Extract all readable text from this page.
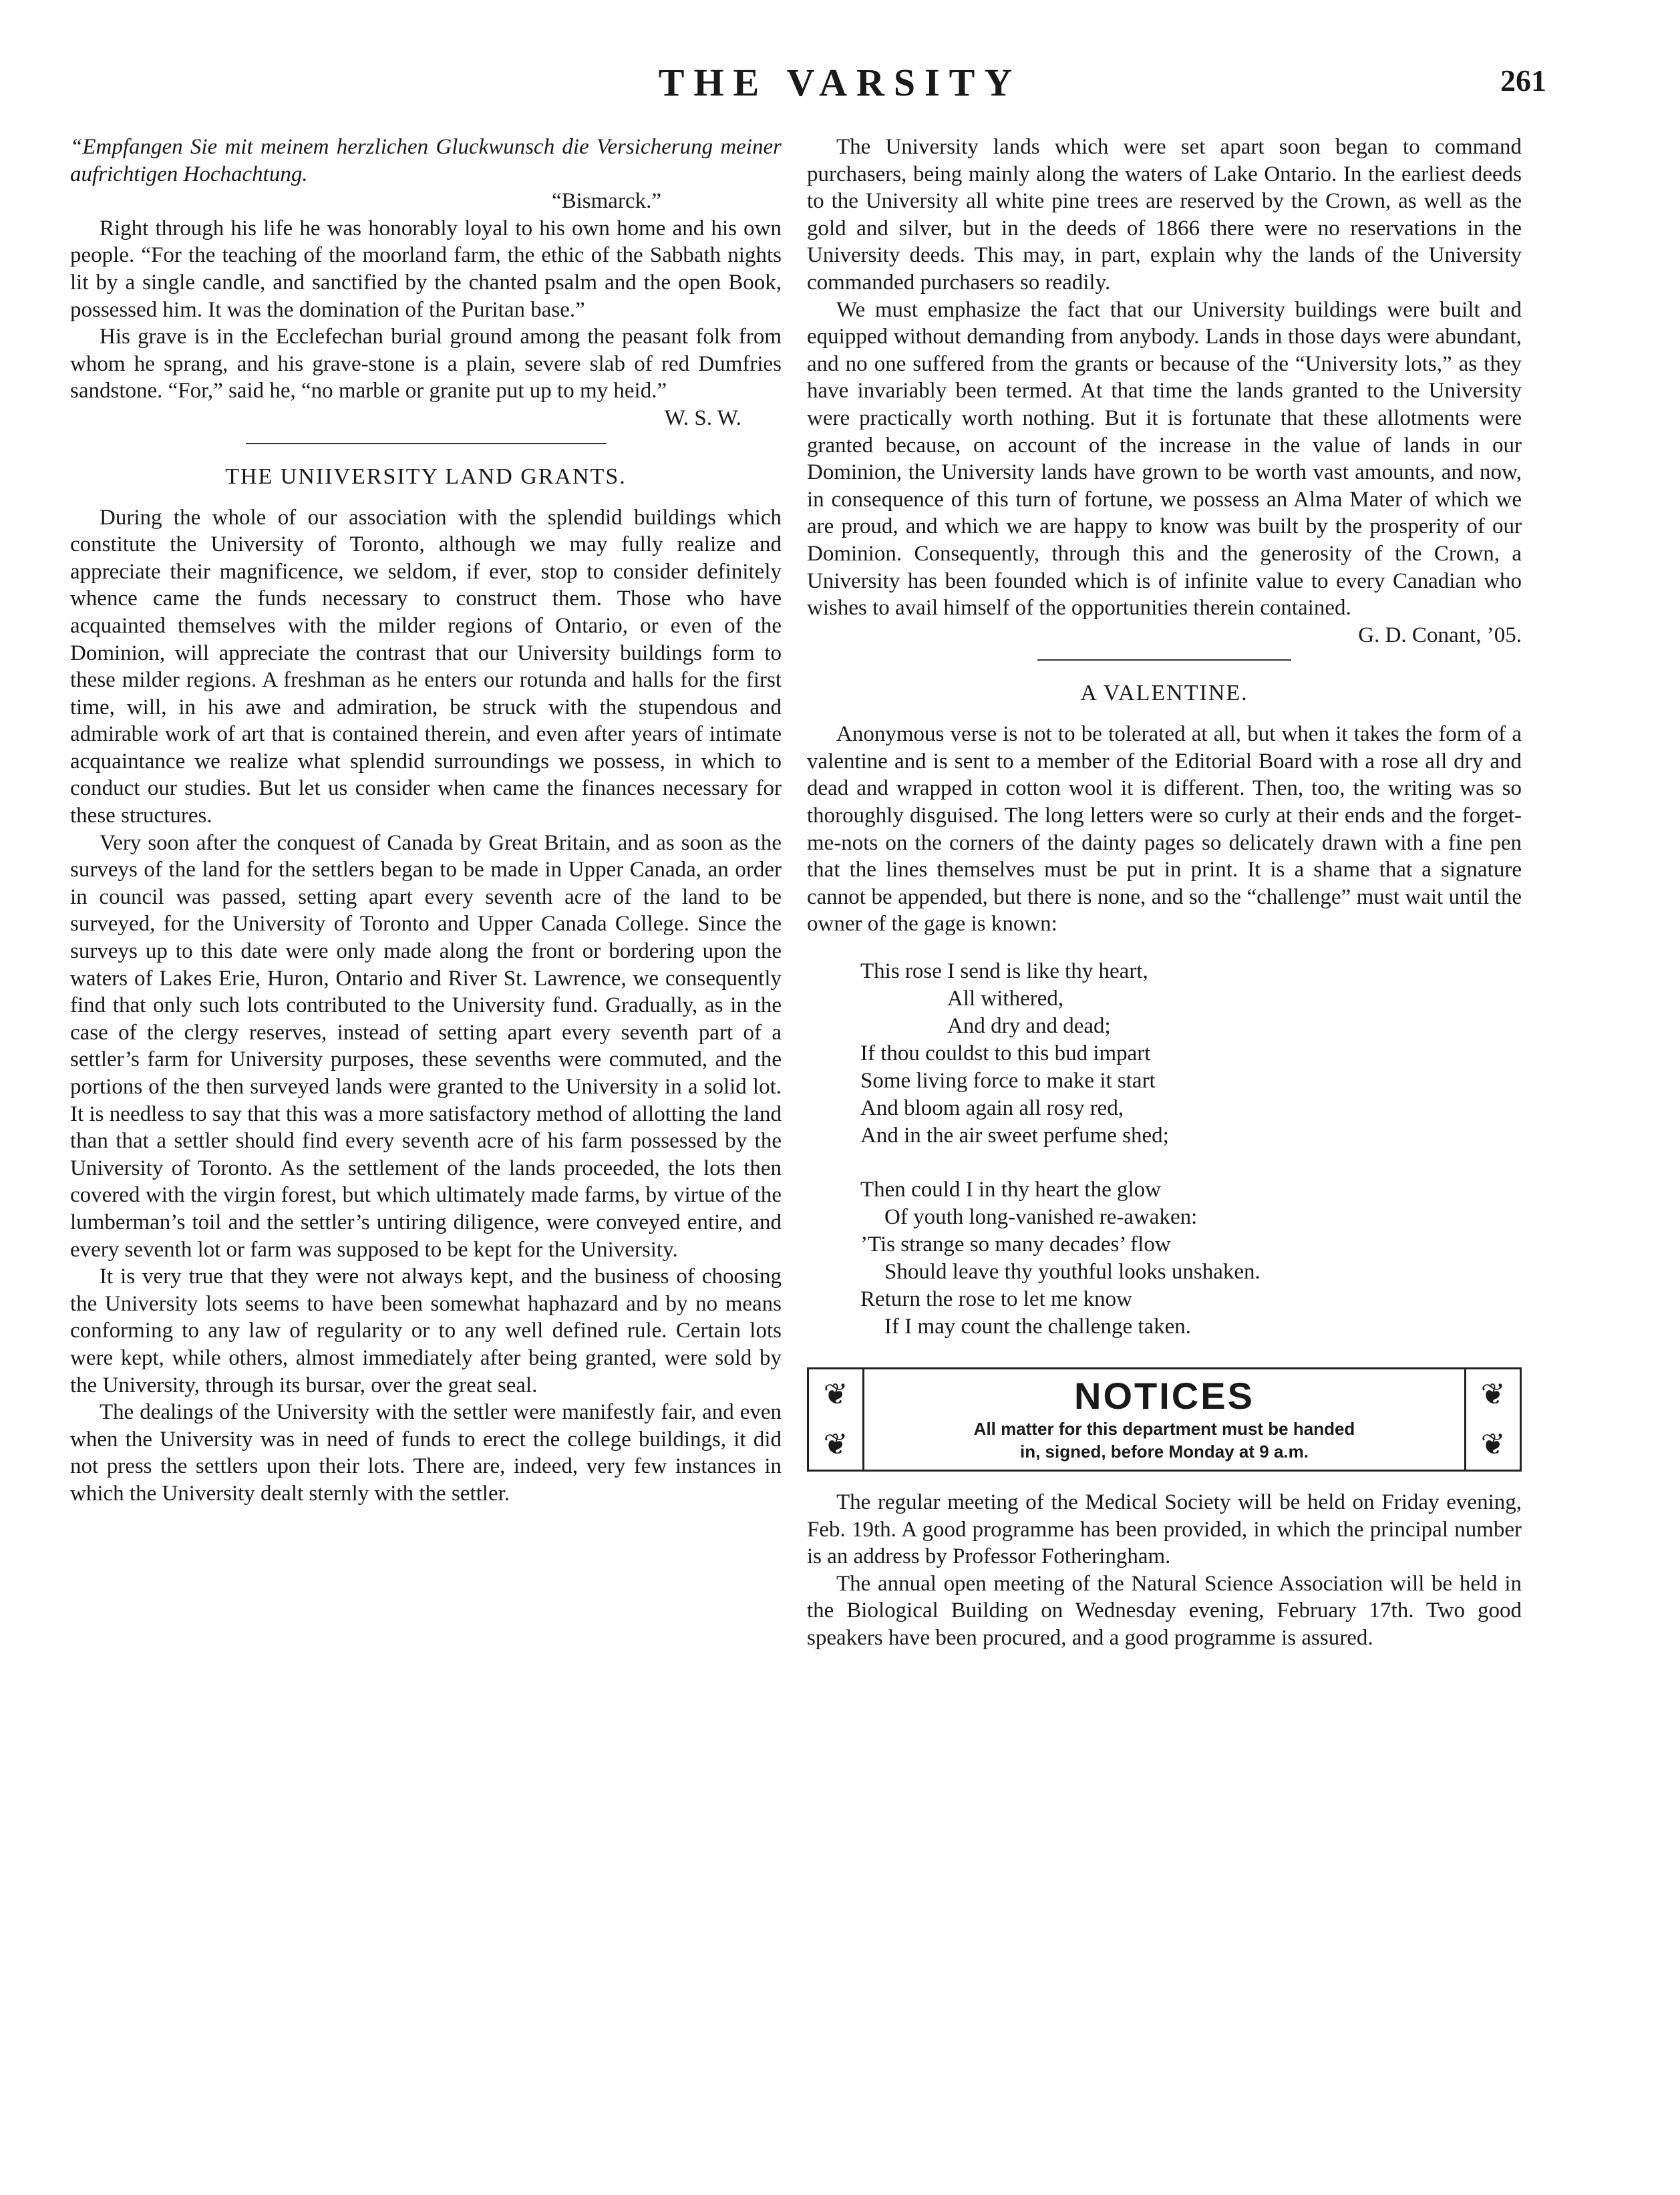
THE VARSITY	261

“Empfangen Sie mit meinem herzlichen Gluckwunsch die Versicherung meiner aufrichtigen Hochachtung.

“Bismarck.”

Right through his life he was honorably loyal to his own home and his own people. “For the teaching of the moorland farm, the ethic of the Sabbath nights lit by a single candle, and sanctified by the chanted psalm and the open Book, possessed him. It was the domination of the Puritan base.”

His grave is in the Ecclefechan burial ground among the peasant folk from whom he sprang, and his grave-stone is a plain, severe slab of red Dumfries sandstone. “For,” said he, “no marble or granite put up to my heid.”

W. S. W.
THE UNIIVERSITY LAND GRANTS.

During the whole of our association with the splendid buildings which constitute the University of Toronto, although we may fully realize and appreciate their magnificence, we seldom, if ever, stop to consider definitely whence came the funds necessary to construct them. Those who have acquainted themselves with the milder regions of Ontario, or even of the Dominion, will appreciate the contrast that our University buildings form to these milder regions. A freshman as he enters our rotunda and halls for the first time, will, in his awe and admiration, be struck with the stupendous and admirable work of art that is contained therein, and even after years of intimate acquaintance we realize what splendid surroundings we possess, in which to conduct our studies. But let us consider when came the finances necessary for these structures.

Very soon after the conquest of Canada by Great Britain, and as soon as the surveys of the land for the settlers began to be made in Upper Canada, an order in council was passed, setting apart every seventh acre of the land to be surveyed, for the University of Toronto and Upper Canada College. Since the surveys up to this date were only made along the front or bordering upon the waters of Lakes Erie, Huron, Ontario and River St. Lawrence, we consequently find that only such lots contributed to the University fund. Gradually, as in the case of the clergy reserves, instead of setting apart every seventh part of a settler’s farm for University purposes, these sevenths were commuted, and the portions of the then surveyed lands were granted to the University in a solid lot. It is needless to say that this was a more satisfactory method of allotting the land than that a settler should find every seventh acre of his farm possessed by the University of Toronto. As the settlement of the lands proceeded, the lots then covered with the virgin forest, but which ultimately made farms, by virtue of the lumberman’s toil and the settler’s untiring diligence, were conveyed entire, and every seventh lot or farm was supposed to be kept for the University.

It is very true that they were not always kept, and the business of choosing the University lots seems to have been somewhat haphazard and by no means conforming to any law of regularity or to any well defined rule. Certain lots were kept, while others, almost immediately after being granted, were sold by the University, through its bursar, over the great seal.

The dealings of the University with the settler were manifestly fair, and even when the University was in need of funds to erect the college buildings, it did not press the settlers upon their lots. There are, indeed, very few instances in which the University dealt sternly with the settler.

The University lands which were set apart soon began to command purchasers, being mainly along the waters of Lake Ontario. In the earliest deeds to the University all white pine trees are reserved by the Crown, as well as the gold and silver, but in the deeds of 1866 there were no reservations in the University deeds. This may, in part, explain why the lands of the University commanded purchasers so readily.

We must emphasize the fact that our University buildings were built and equipped without demanding from anybody. Lands in those days were abundant, and no one suffered from the grants or because of the “University lots,” as they have invariably been termed. At that time the lands granted to the University were practically worth nothing. But it is fortunate that these allotments were granted because, on account of the increase in the value of lands in our Dominion, the University lands have grown to be worth vast amounts, and now, in consequence of this turn of fortune, we possess an Alma Mater of which we are proud, and which we are happy to know was built by the prosperity of our Dominion. Consequently, through this and the generosity of the Crown, a University has been founded which is of infinite value to every Canadian who wishes to avail himself of the opportunities therein contained.

G. D. Conant, ’05.
A VALENTINE.

Anonymous verse is not to be tolerated at all, but when it takes the form of a valentine and is sent to a member of the Editorial Board with a rose all dry and dead and wrapped in cotton wool it is different. Then, too, the writing was so thoroughly disguised. The long letters were so curly at their ends and the forget-me-nots on the corners of the dainty pages so delicately drawn with a fine pen that the lines themselves must be put in print. It is a shame that a signature cannot be appended, but there is none, and so the “challenge” must wait until the owner of the gage is known:

This rose I send is like thy heart,
All withered,
And dry and dead;
If thou couldst to this bud impart
Some living force to make it start
And bloom again all rosy red,
And in the air sweet perfume shed;
Then could I in thy heart the glow
Of youth long-vanished re-awaken:
’Tis strange so many decades’ flow
Should leave thy youthful looks unshaken.
Return the rose to let me know
If I may count the challenge taken.
❦
❦
NOTICES
All matter for this department must be handed
in, signed, before Monday at 9 a.m.
❦
❦

The regular meeting of the Medical Society will be held on Friday evening, Feb. 19th. A good programme has been provided, in which the principal number is an address by Professor Fotheringham.

The annual open meeting of the Natural Science Association will be held in the Biological Building on Wednesday evening, February 17th. Two good speakers have been procured, and a good programme is assured.
